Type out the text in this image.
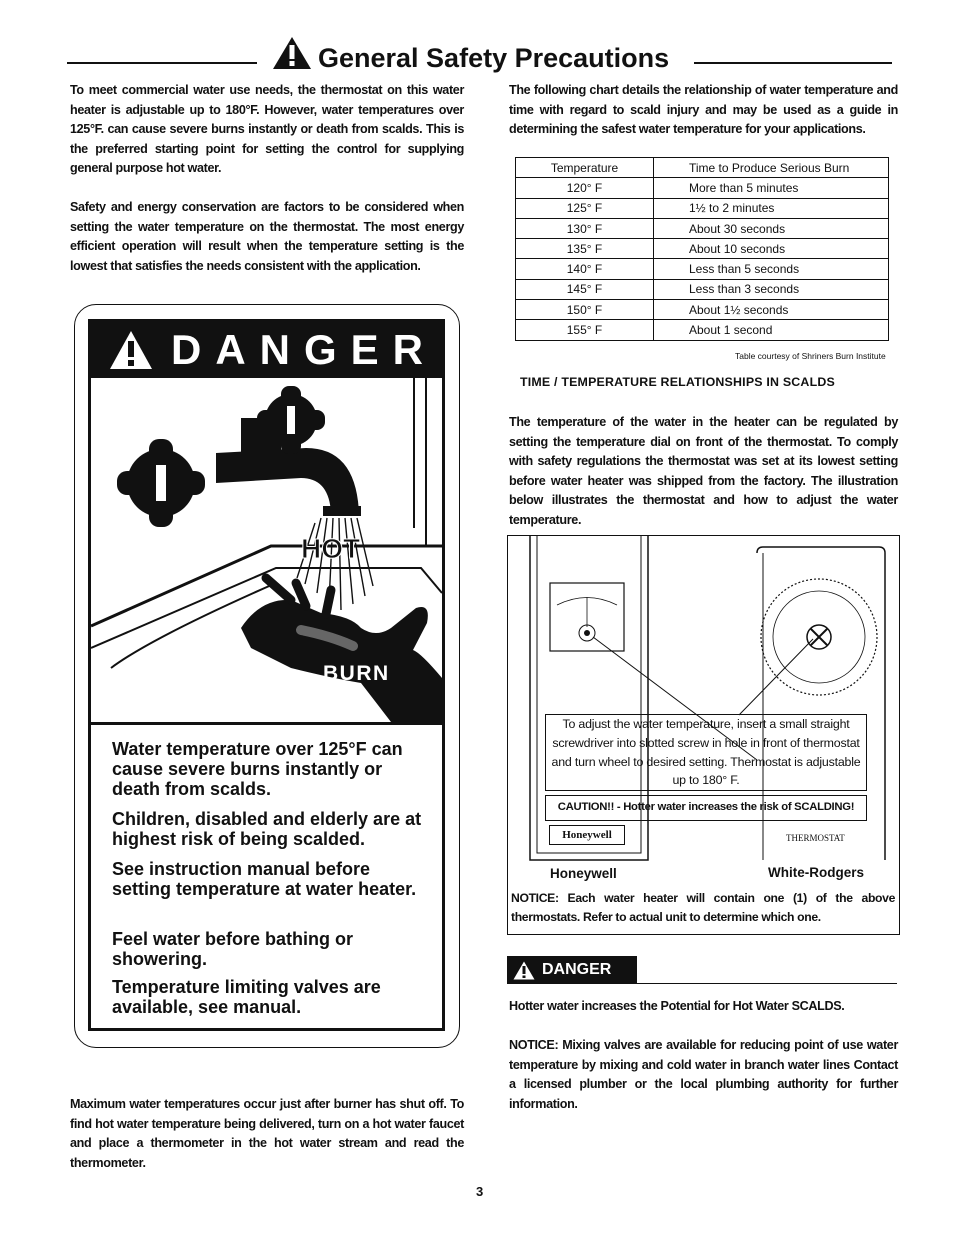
General Safety Precautions
To meet commercial water use needs, the thermostat on this water heater is adjustable up to 180°F. However, water temperatures over 125°F. can cause severe burns instantly or death from scalds. This is the preferred starting point for setting the control for supplying general purpose hot water.
Safety and energy conservation are factors to be considered when setting the water temperature on the thermostat. The most energy efficient operation will result when the temperature setting is the lowest that satisfies the needs consistent with the application.
DANGER
HOT
BURN
Water temperature over 125°F can cause severe burns instantly or death from scalds.
Children, disabled and elderly are at highest risk of being scalded.
See instruction manual before setting temperature at water heater.
Feel water before bathing or showering.
Temperature limiting valves are available, see manual.
Maximum water temperatures occur just after burner has shut off. To find hot water temperature being delivered, turn on a hot water faucet and place a thermometer in the hot water stream and read the thermometer.
The following chart details the relationship of water temperature and time with regard to scald injury and may be used as a guide in determining the safest water temperature for your applications.
Temperature	Time to Produce Serious Burn
120° F	More than 5 minutes
125° F	1½ to 2 minutes
130° F	About 30 seconds
135° F	About 10 seconds
140° F	Less than 5 seconds
145° F	Less than 3 seconds
150° F	About 1½ seconds
155° F	About 1 second
Table courtesy of Shriners Burn Institute
TIME / TEMPERATURE RELATIONSHIPS IN SCALDS
The temperature of the water in the heater can be regulated by setting the temperature dial on front of the thermostat. To comply with safety regulations the thermostat was set at its lowest setting before water heater was shipped from the factory. The illustration below illustrates the thermostat and how to adjust the water temperature.
To adjust the water temperature, insert a small straight screwdriver into slotted screw in hole in front of thermostat and turn wheel to desired setting. Thermostat is adjustable up to 180° F.
CAUTION!! - Hotter water increases the risk of SCALDING!
Honeywell	THERMOSTAT
Honeywell	White-Rodgers
NOTICE: Each water heater will contain one (1) of the above thermostats. Refer to actual unit to determine which one.
DANGER
Hotter water increases the Potential for Hot Water SCALDS.
NOTICE: Mixing valves are available for reducing point of use water temperature by mixing and cold water in branch water lines Contact a licensed plumber or the local plumbing authority for further information.
3
